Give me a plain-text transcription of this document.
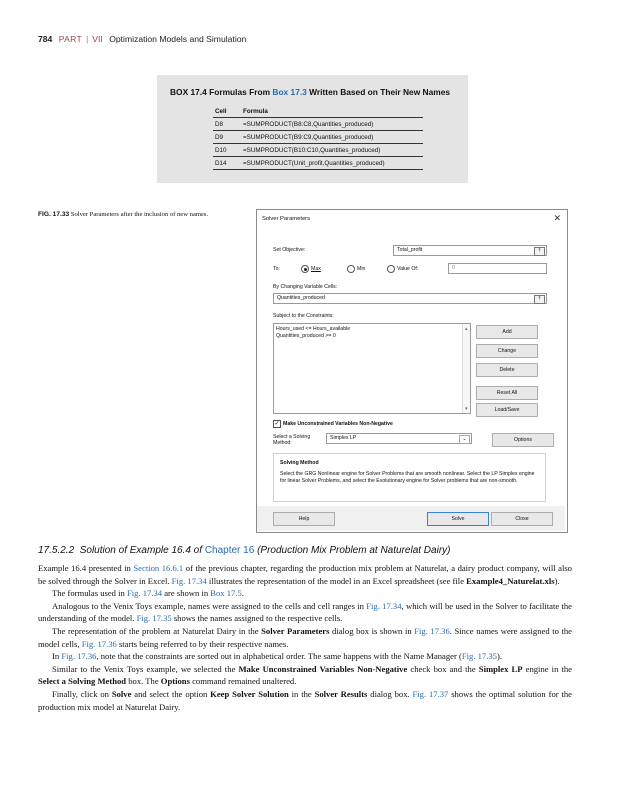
784 PART | VII Optimization Models and Simulation
BOX 17.4 Formulas From Box 17.3 Written Based on Their New Names
Cell	Formula
D8	=SUMPRODUCT(B8:C8,Quantities_produced)
D9	=SUMPRODUCT(B9:C9,Quantities_produced)
D10	=SUMPRODUCT(B10:C10,Quantities_produced)
D14	=SUMPRODUCT(Unit_profit,Quantities_produced)
FIG. 17.33 Solver Parameters after the inclusion of new names.
Solver Parameters	✕
Set Objective:	Total_profit	⇡
To:	Max	Min	Value Of:	0
By Changing Variable Cells:
Quantities_produced	⇡
Subject to the Constraints:
Hours_used <= Hours_available
Quantities_produced >= 0
▲
▼
Add
Change
Delete
Reset All
Load/Save
✓ Make Unconstrained Variables Non-Negative
Select a Solving Method:
Simplex LP	⌄	Options
Solving Method
Select the GRG Nonlinear engine for Solver Problems that are smooth nonlinear. Select the LP Simplex engine for linear Solver Problems, and select the Evolutionary engine for Solver problems that are non-smooth.
Help	Solve	Close
17.5.2.2 Solution of Example 16.4 of Chapter 16 (Production Mix Problem at Naturelat Dairy)

Example 16.4 presented in Section 16.6.1 of the previous chapter, regarding the production mix problem at Naturelat, a dairy product company, will also be solved through the Solver in Excel. Fig. 17.34 illustrates the representation of the model in an Excel spreadsheet (see file Example4_Naturelat.xls).

The formulas used in Fig. 17.34 are shown in Box 17.5.

Analogous to the Venix Toys example, names were assigned to the cells and cell ranges in Fig. 17.34, which will be used in the Solver to facilitate the understanding of the model. Fig. 17.35 shows the names assigned to the respective cells.

The representation of the problem at Naturelat Dairy in the Solver Parameters dialog box is shown in Fig. 17.36. Since names were assigned to the model cells, Fig. 17.36 starts being referred to by their respective names.

In Fig. 17.36, note that the constraints are sorted out in alphabetical order. The same happens with the Name Manager (Fig. 17.35).

Similar to the Venix Toys example, we selected the Make Unconstrained Variables Non-Negative check box and the Simplex LP engine in the Select a Solving Method box. The Options command remained unaltered.

Finally, click on Solve and select the option Keep Solver Solution in the Solver Results dialog box. Fig. 17.37 shows the optimal solution for the production mix model at Naturelat Dairy.
